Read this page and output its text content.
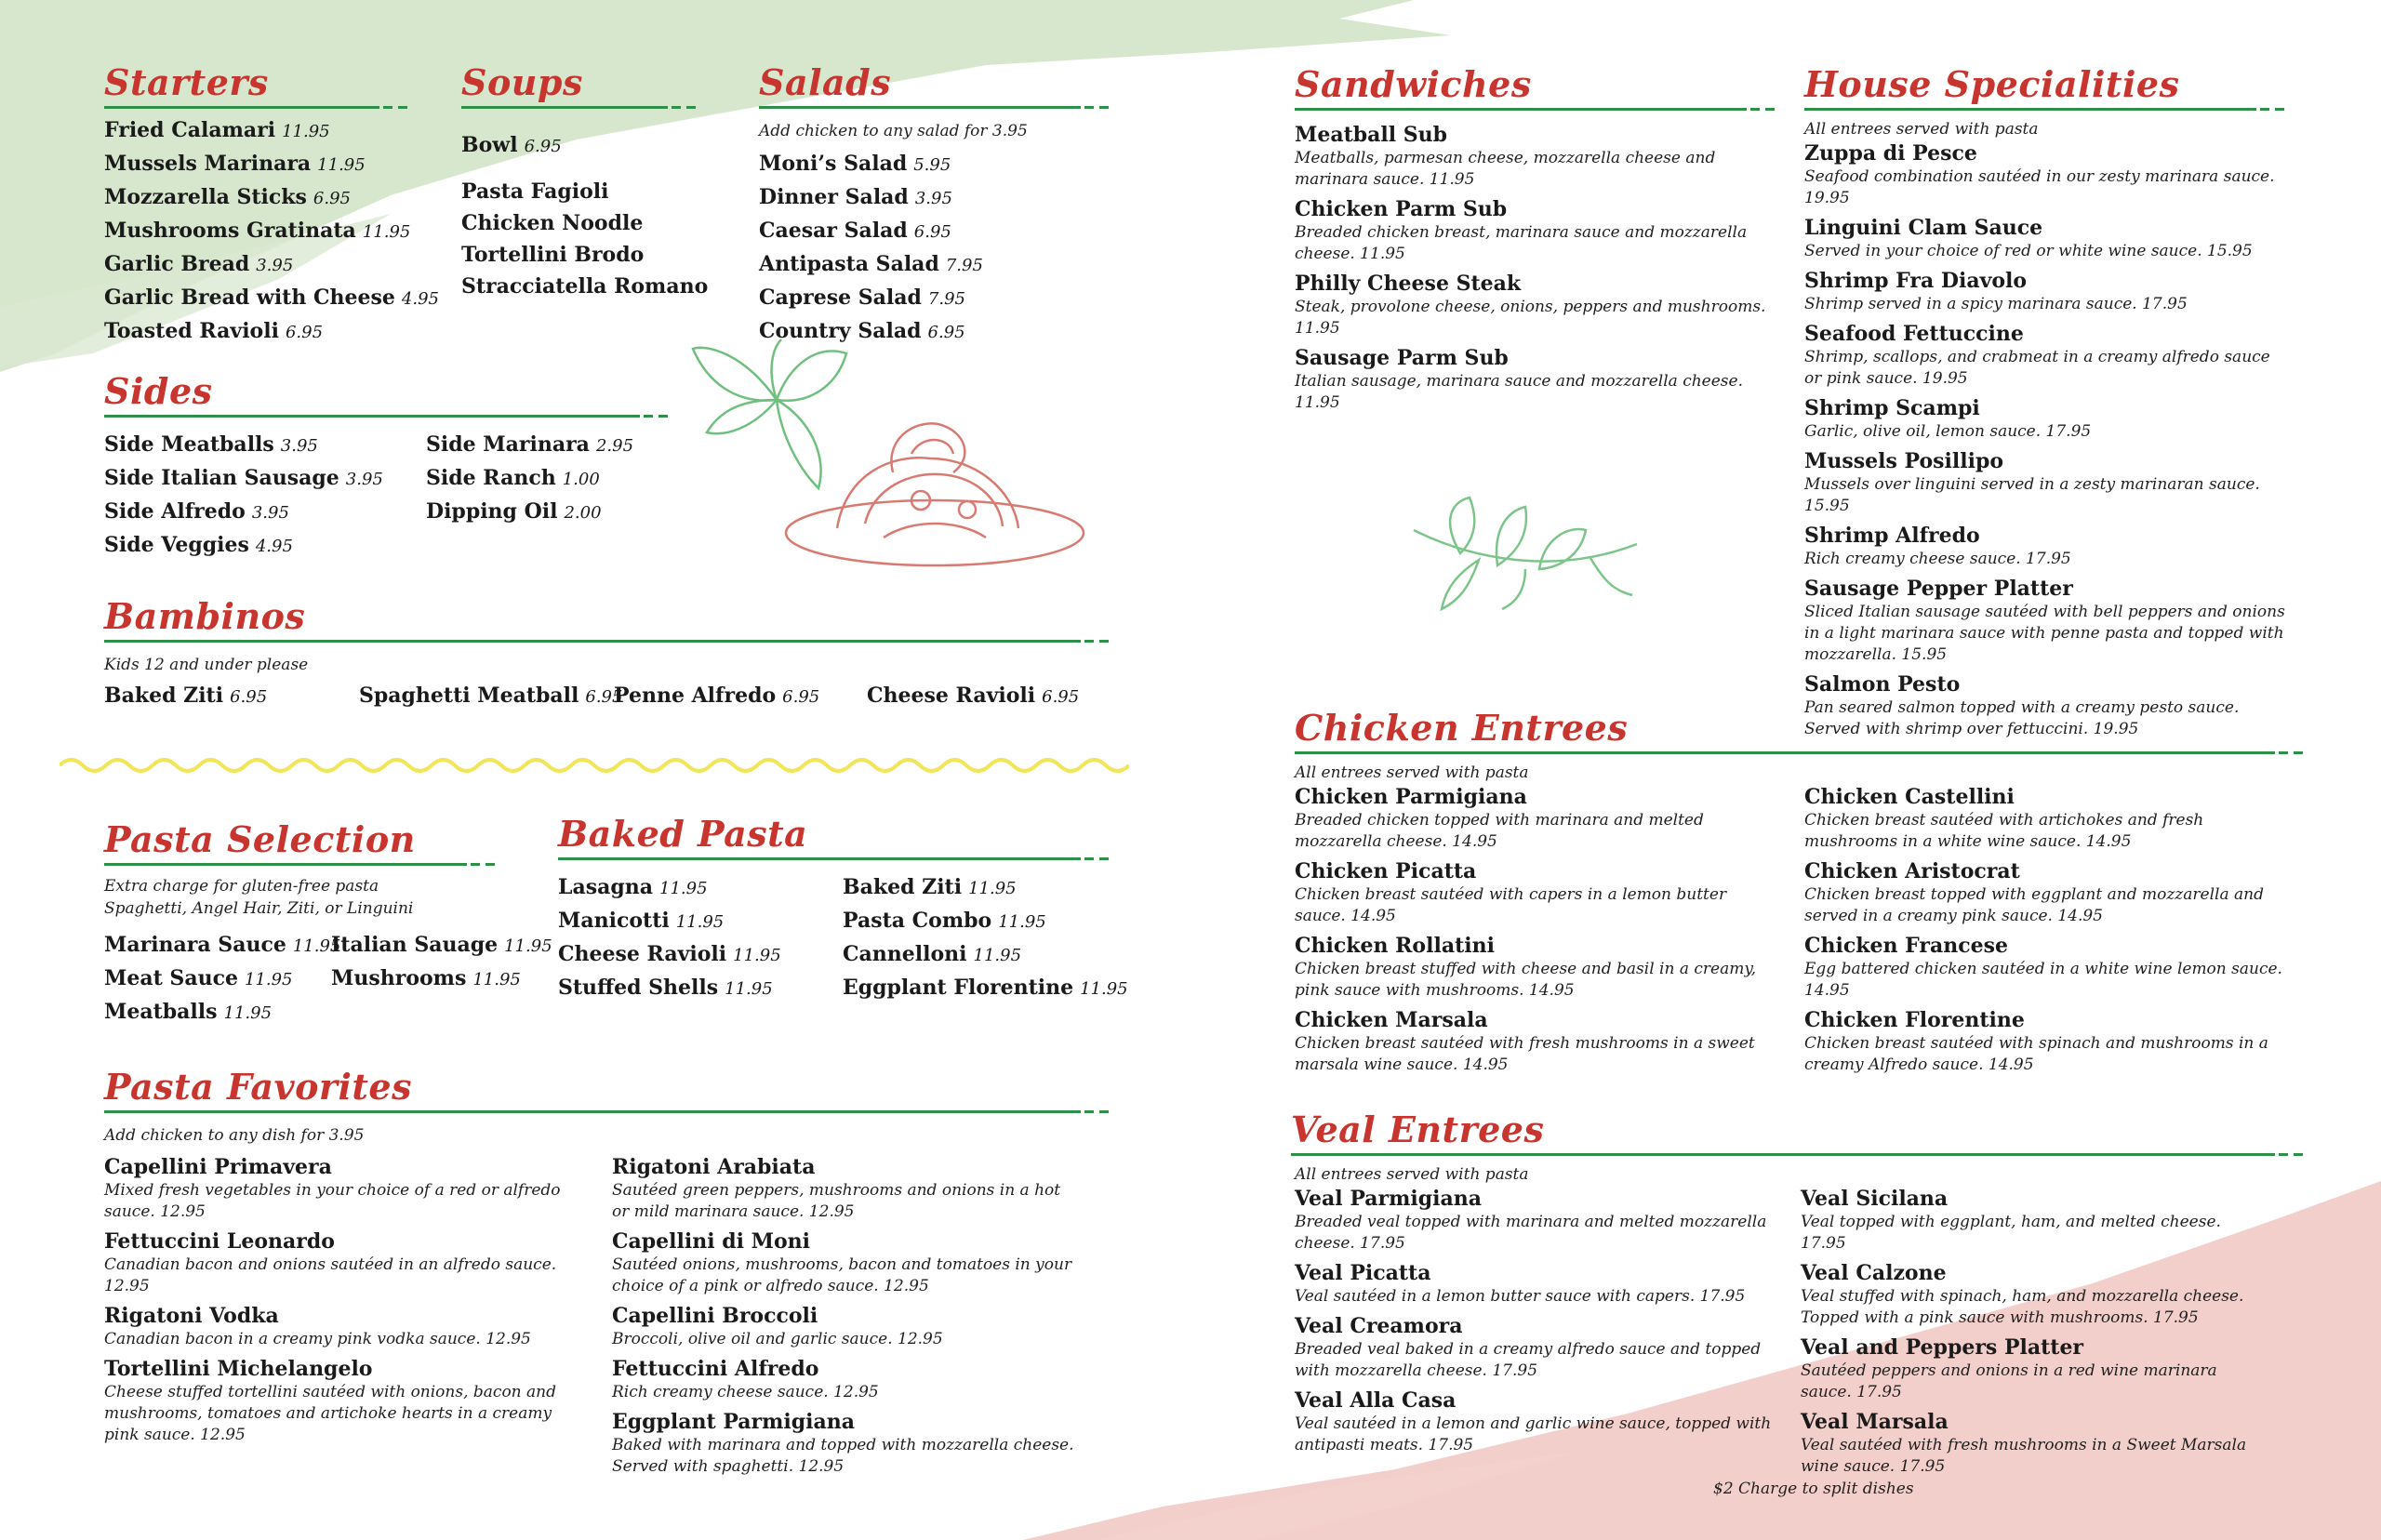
Starters
Fried Calamari 11.95
Mussels Marinara 11.95
Mozzarella Sticks 6.95
Mushrooms Gratinata 11.95
Garlic Bread 3.95
Garlic Bread with Cheese 4.95
Toasted Ravioli 6.95
Soups
Bowl 6.95
Pasta Fagioli
Chicken Noodle
Tortellini Brodo
Stracciatella Romano
Salads
Add chicken to any salad for 3.95
Moni’s Salad 5.95
Dinner Salad 3.95
Caesar Salad 6.95
Antipasta Salad 7.95
Caprese Salad 7.95
Country Salad 6.95
Sides
Side Meatballs 3.95
Side Italian Sausage 3.95
Side Alfredo 3.95
Side Veggies 4.95
Side Marinara 2.95
Side Ranch 1.00
Dipping Oil 2.00
Bambinos
Kids 12 and under please
Baked Ziti 6.95	Spaghetti Meatball 6.95
Penne Alfredo 6.95 Cheese Ravioli 6.95
Pasta Selection
Extra charge for gluten-free pasta
Spaghetti, Angel Hair, Ziti, or Linguini
Marinara Sauce 11.95
Meat Sauce 11.95
Meatballs 11.95
Italian Sauage 11.95
Mushrooms 11.95
Baked Pasta
Lasagna 11.95
Manicotti 11.95
Cheese Ravioli 11.95
Stuffed Shells 11.95
Baked Ziti 11.95
Pasta Combo 11.95
Cannelloni 11.95
Eggplant Florentine 11.95
Pasta Favorites
Add chicken to any dish for 3.95
Capellini Primavera
Mixed fresh vegetables in your choice of a red or alfredo sauce. 12.95
Fettuccini Leonardo
Canadian bacon and onions sautéed in an alfredo sauce. 12.95
Rigatoni Vodka
Canadian bacon in a creamy pink vodka sauce. 12.95
Tortellini Michelangelo
Cheese stuffed tortellini sautéed with onions, bacon and mushrooms, tomatoes and artichoke hearts in a creamy pink sauce. 12.95
Rigatoni Arabiata
Sautéed green peppers, mushrooms and onions in a hot or mild marinara sauce. 12.95
Capellini di Moni
Sautéed onions, mushrooms, bacon and tomatoes in your choice of a pink or alfredo sauce. 12.95
Capellini Broccoli
Broccoli, olive oil and garlic sauce. 12.95
Fettuccini Alfredo
Rich creamy cheese sauce. 12.95
Eggplant Parmigiana
Baked with marinara and topped with mozzarella cheese. Served with spaghetti. 12.95
Sandwiches
Meatball Sub
Meatballs, parmesan cheese, mozzarella cheese and marinara sauce. 11.95
Chicken Parm Sub
Breaded chicken breast, marinara sauce and mozzarella cheese. 11.95
Philly Cheese Steak
Steak, provolone cheese, onions, peppers and mushrooms. 11.95
Sausage Parm Sub
Italian sausage, marinara sauce and mozzarella cheese. 11.95
House Specialities
All entrees served with pasta
Zuppa di Pesce
Seafood combination sautéed in our zesty marinara sauce. 19.95
Linguini Clam Sauce
Served in your choice of red or white wine sauce. 15.95
Shrimp Fra Diavolo
Shrimp served in a spicy marinara sauce. 17.95
Seafood Fettuccine
Shrimp, scallops, and crabmeat in a creamy alfredo sauce or pink sauce. 19.95
Shrimp Scampi
Garlic, olive oil, lemon sauce. 17.95
Mussels Posillipo
Mussels over linguini served in a zesty marinaran sauce. 15.95
Shrimp Alfredo
Rich creamy cheese sauce. 17.95
Sausage Pepper Platter
Sliced Italian sausage sautéed with bell peppers and onions in a light marinara sauce with penne pasta and topped with mozzarella. 15.95
Salmon Pesto
Pan seared salmon topped with a creamy pesto sauce. Served with shrimp over fettuccini. 19.95
Chicken Entrees
All entrees served with pasta
Chicken Parmigiana
Breaded chicken topped with marinara and melted mozzarella cheese. 14.95
Chicken Picatta
Chicken breast sautéed with capers in a lemon butter sauce. 14.95
Chicken Rollatini
Chicken breast stuffed with cheese and basil in a creamy, pink sauce with mushrooms. 14.95
Chicken Marsala
Chicken breast sautéed with fresh mushrooms in a sweet marsala wine sauce. 14.95
Chicken Castellini
Chicken breast sautéed with artichokes and fresh mushrooms in a white wine sauce. 14.95
Chicken Aristocrat
Chicken breast topped with eggplant and mozzarella and served in a creamy pink sauce. 14.95
Chicken Francese
Egg battered chicken sautéed in a white wine lemon sauce. 14.95
Chicken Florentine
Chicken breast sautéed with spinach and mushrooms in a creamy Alfredo sauce. 14.95
Veal Entrees
All entrees served with pasta
Veal Parmigiana
Breaded veal topped with marinara and melted mozzarella cheese. 17.95
Veal Picatta
Veal sautéed in a lemon butter sauce with capers. 17.95
Veal Creamora
Breaded veal baked in a creamy alfredo sauce and topped with mozzarella cheese. 17.95
Veal Alla Casa
Veal sautéed in a lemon and garlic wine sauce, topped with antipasti meats. 17.95
Veal Sicilana
Veal topped with eggplant, ham, and melted cheese. 17.95
Veal Calzone
Veal stuffed with spinach, ham, and mozzarella cheese. Topped with a pink sauce with mushrooms. 17.95
Veal and Peppers Platter
Sautéed peppers and onions in a red wine marinara sauce. 17.95
Veal Marsala
Veal sautéed with fresh mushrooms in a Sweet Marsala wine sauce. 17.95
$2 Charge to split dishes
